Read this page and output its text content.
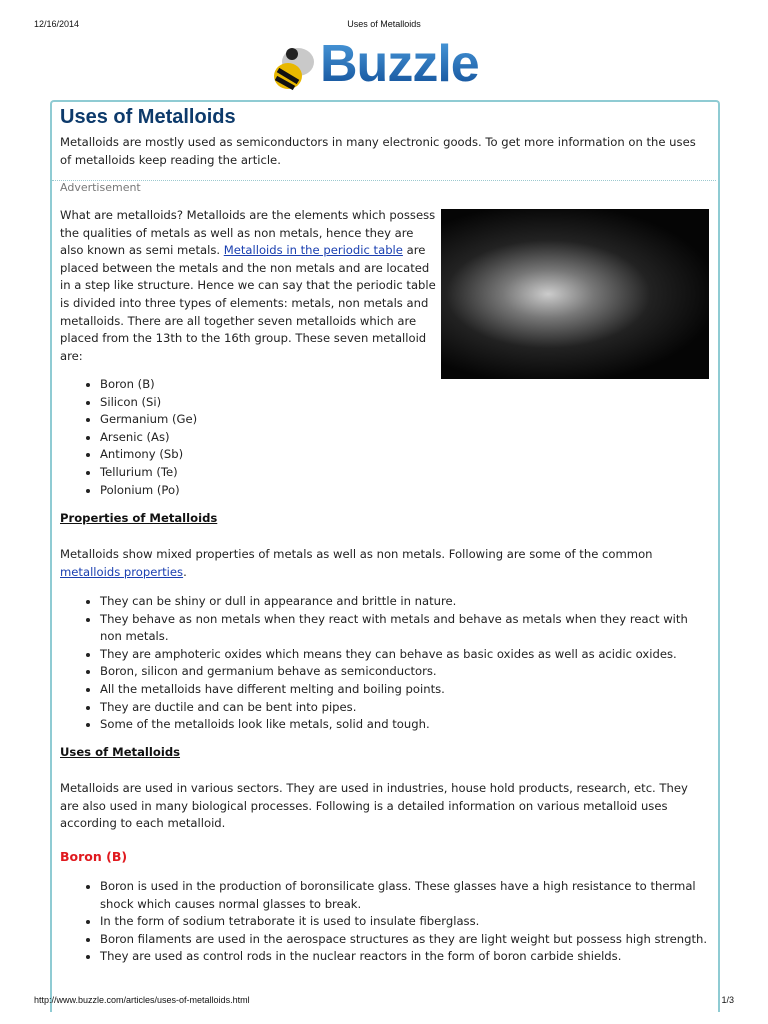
12/16/2014	Uses of Metalloids
Buzzle
Uses of Metalloids
Metalloids are mostly used as semiconductors in many electronic goods. To get more information on the uses of metalloids keep reading the article.
Advertisement
What are metalloids? Metalloids are the elements which possess the qualities of metals as well as non metals, hence they are also known as semi metals. Metalloids in the periodic table are placed between the metals and the non metals and are located in a step like structure. Hence we can say that the periodic table is divided into three types of elements: metals, non metals and metalloids. There are all together seven metalloids which are placed from the 13th to the 16th group. These seven metalloid are:
• Boron (B)
• Silicon (Si)
• Germanium (Ge)
• Arsenic (As)
• Antimony (Sb)
• Tellurium (Te)
• Polonium (Po)
Properties of Metalloids
Metalloids show mixed properties of metals as well as non metals. Following are some of the common metalloids properties.
• They can be shiny or dull in appearance and brittle in nature.
• They behave as non metals when they react with metals and behave as metals when they react with non metals.
• They are amphoteric oxides which means they can behave as basic oxides as well as acidic oxides.
• Boron, silicon and germanium behave as semiconductors.
• All the metalloids have different melting and boiling points.
• They are ductile and can be bent into pipes.
• Some of the metalloids look like metals, solid and tough.
Uses of Metalloids
Metalloids are used in various sectors. They are used in industries, house hold products, research, etc. They are also used in many biological processes. Following is a detailed information on various metalloid uses according to each metalloid.
Boron (B)
• Boron is used in the production of boronsilicate glass. These glasses have a high resistance to thermal shock which causes normal glasses to break.
• In the form of sodium tetraborate it is used to insulate fiberglass.
• Boron filaments are used in the aerospace structures as they are light weight but possess high strength.
• They are used as control rods in the nuclear reactors in the form of boron carbide shields.
http://www.buzzle.com/articles/uses-of-metalloids.html	1/3
